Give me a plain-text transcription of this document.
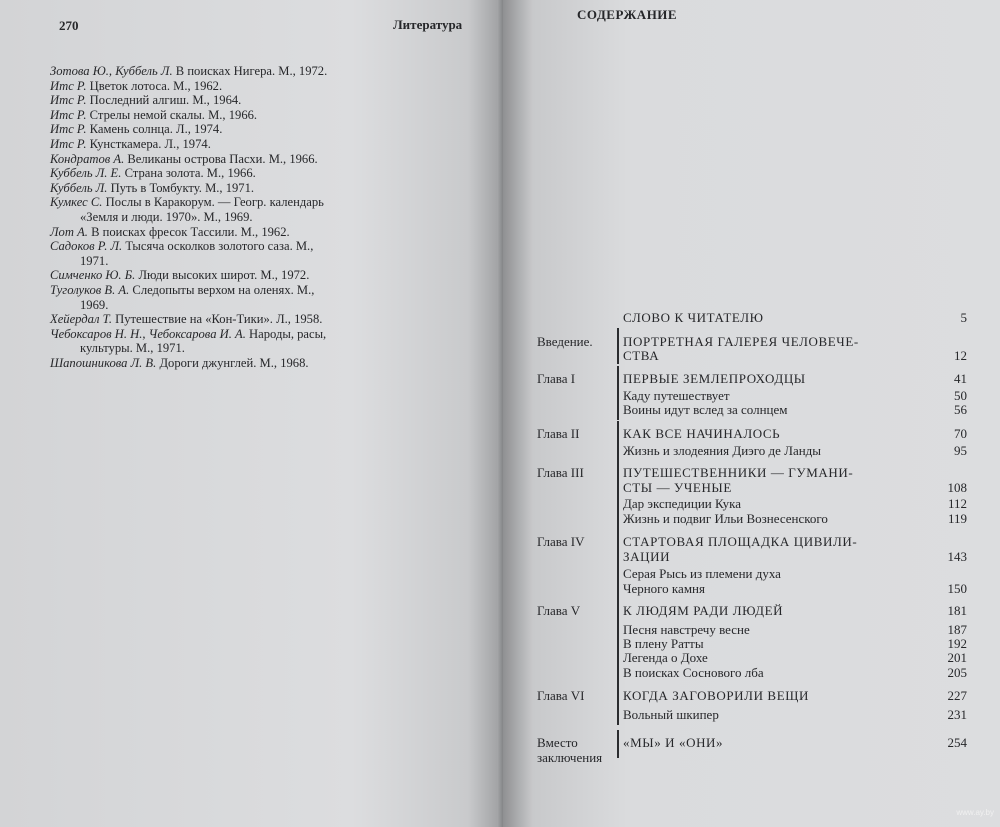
270	Литература
Зотова Ю., Куббель Л. В поисках Нигера. М., 1972.
Итс Р. Цветок лотоса. М., 1962.
Итс Р. Последний алгиш. М., 1964.
Итс Р. Стрелы немой скалы. М., 1966.
Итс Р. Камень солнца. Л., 1974.
Итс Р. Кунсткамера. Л., 1974.
Кондратов А. Великаны острова Пасхи. М., 1966.
Куббель Л. Е. Страна золота. М., 1966.
Куббель Л. Путь в Томбукту. М., 1971.
Кумкес С. Послы в Каракорум. — Геогр. календарь
«Земля и люди. 1970». М., 1969.
Лот А. В поисках фресок Тассили. М., 1962.
Садоков Р. Л. Тысяча осколков золотого саза. М.,
1971.
Симченко Ю. Б. Люди высоких широт. М., 1972.
Туголуков В. А. Следопыты верхом на оленях. М.,
1969.
Хейердал Т. Путешествие на «Кон-Тики». Л., 1958.
Чебоксаров Н. Н., Чебоксарова И. А. Народы, расы,
культуры. М., 1971.
Шапошникова Л. В. Дороги джунглей. М., 1968.
СОДЕРЖАНИЕ
СЛОВО К ЧИТАТЕЛЮ	5
Введение. ПОРТРЕТНАЯ ГАЛЕРЕЯ ЧЕЛОВЕЧЕ-
СТВА	12
Глава I	ПЕРВЫЕ ЗЕМЛЕПРОХОДЦЫ	41
Каду путешествует	50
Воины идут вслед за солнцем	56
Глава II	КАК ВСЕ НАЧИНАЛОСЬ	70
Жизнь и злодеяния Диэго де Ланды	95
Глава III	ПУТЕШЕСТВЕННИКИ — ГУМАНИ-
СТЫ — УЧЕНЫЕ	108
Дар экспедиции Кука	112
Жизнь и подвиг Ильи Вознесенского	119
Глава IV	СТАРТОВАЯ ПЛОЩАДКА ЦИВИЛИ-
ЗАЦИИ	143
Серая Рысь из племени духа
Черного камня	150
Глава V	К ЛЮДЯМ РАДИ ЛЮДЕЙ	181
Песня навстречу весне	187
В плену Ратты	192
Легенда о Дохе	201
В поисках Соснового лба	205
Глава VI	КОГДА ЗАГОВОРИЛИ ВЕЩИ	227
Вольный шкипер	231
Вместо	«МЫ» И «ОНИ»	254
заключения
www.ay.by
